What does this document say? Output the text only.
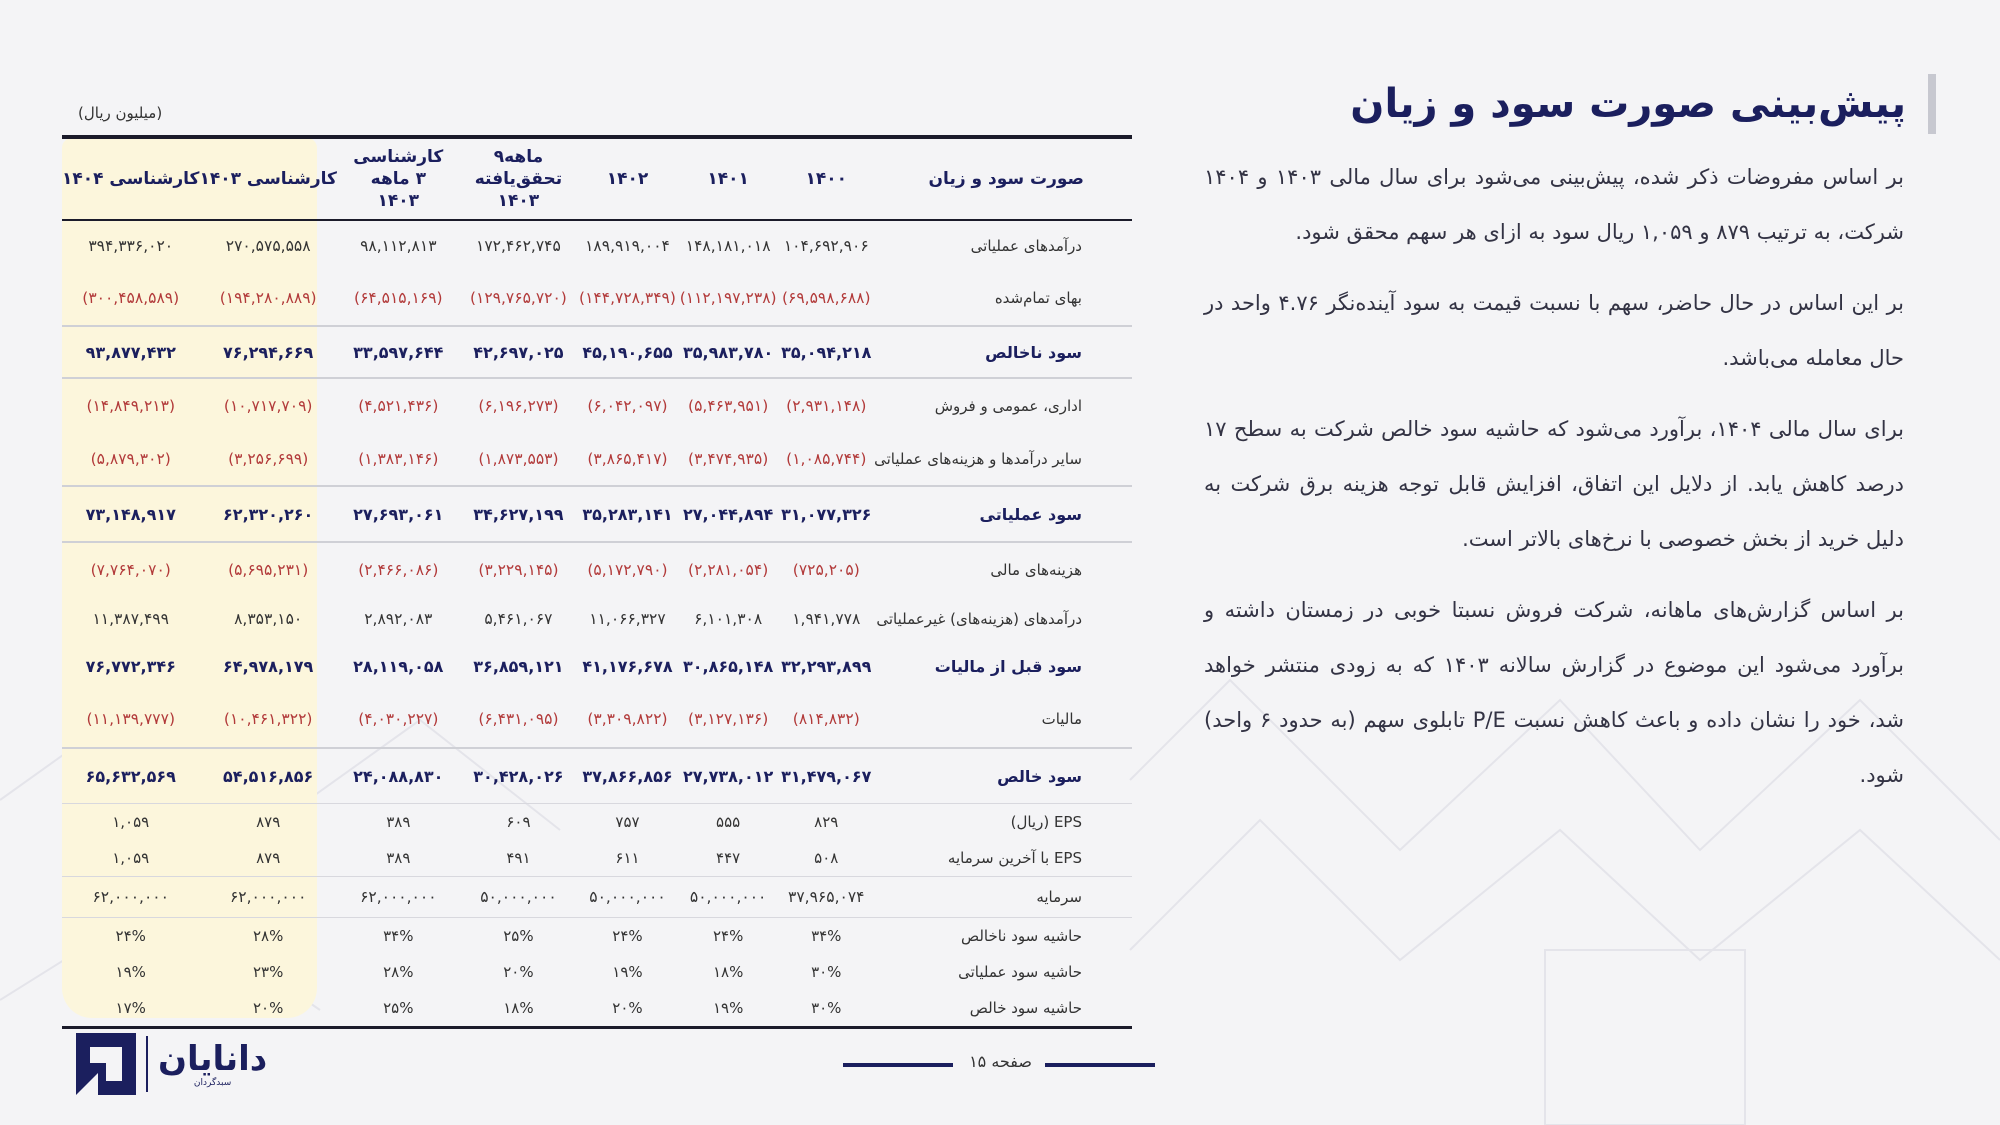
پیش‌بینی صورت سود و زیان

بر اساس مفروضات ذکر شده، پیش‌بینی می‌شود برای سال مالی ۱۴۰۳ و ۱۴۰۴ شرکت، به ترتیب ۸۷۹ و ۱,۰۵۹ ریال سود به ازای هر سهم محقق شود.

بر این اساس در حال حاضر، سهم با نسبت قیمت به سود آینده‌نگر ۴.۷۶ واحد در حال معامله می‌باشد.

برای سال مالی ۱۴۰۴، برآورد می‌شود که حاشیه سود خالص شرکت به سطح ۱۷ درصد کاهش یابد. از دلایل این اتفاق، افزایش قابل توجه هزینه برق شرکت به دلیل خرید از بخش خصوصی با نرخ‌های بالاتر است.

بر اساس گزارش‌های ماهانه، شرکت فروش نسبتا خوبی در زمستان داشته و برآورد می‌شود این موضوع در گزارش سالانه ۱۴۰۳ که به زودی منتشر خواهد شد، خود را نشان داده و باعث کاهش نسبت P/E تابلوی سهم (به حدود ۶ واحد) شود.

(میلیون ریال)
کارشناسی ۱۴۰۴	کارشناسی ۱۴۰۳	کارشناسی ۳ ماهه ۱۴۰۳	۹ماهه تحقق‌یافته ۱۴۰۳	۱۴۰۲	۱۴۰۱	۱۴۰۰	صورت سود و زیان
۳۹۴,۳۳۶,۰۲۰	۲۷۰,۵۷۵,۵۵۸	۹۸,۱۱۲,۸۱۳	۱۷۲,۴۶۲,۷۴۵	۱۸۹,۹۱۹,۰۰۴	۱۴۸,۱۸۱,۰۱۸	۱۰۴,۶۹۲,۹۰۶	درآمدهای عملیاتی
(۳۰۰,۴۵۸,۵۸۹)	(۱۹۴,۲۸۰,۸۸۹)	(۶۴,۵۱۵,۱۶۹)	(۱۲۹,۷۶۵,۷۲۰)	(۱۴۴,۷۲۸,۳۴۹)	(۱۱۲,۱۹۷,۲۳۸)	(۶۹,۵۹۸,۶۸۸)	بهای تمام‌شده
۹۳,۸۷۷,۴۳۲	۷۶,۲۹۴,۶۶۹	۳۳,۵۹۷,۶۴۴	۴۲,۶۹۷,۰۲۵	۴۵,۱۹۰,۶۵۵	۳۵,۹۸۳,۷۸۰	۳۵,۰۹۴,۲۱۸	سود ناخالص
(۱۴,۸۴۹,۲۱۳)	(۱۰,۷۱۷,۷۰۹)	(۴,۵۲۱,۴۳۶)	(۶,۱۹۶,۲۷۳)	(۶,۰۴۲,۰۹۷)	(۵,۴۶۳,۹۵۱)	(۲,۹۳۱,۱۴۸)	اداری، عمومی و فروش
(۵,۸۷۹,۳۰۲)	(۳,۲۵۶,۶۹۹)	(۱,۳۸۳,۱۴۶)	(۱,۸۷۳,۵۵۳)	(۳,۸۶۵,۴۱۷)	(۳,۴۷۴,۹۳۵)	(۱,۰۸۵,۷۴۴)	سایر درآمدها و هزینه‌های عملیاتی
۷۳,۱۴۸,۹۱۷	۶۲,۳۲۰,۲۶۰	۲۷,۶۹۳,۰۶۱	۳۴,۶۲۷,۱۹۹	۳۵,۲۸۳,۱۴۱	۲۷,۰۴۴,۸۹۴	۳۱,۰۷۷,۳۲۶	سود عملیاتی
(۷,۷۶۴,۰۷۰)	(۵,۶۹۵,۲۳۱)	(۲,۴۶۶,۰۸۶)	(۳,۲۲۹,۱۴۵)	(۵,۱۷۲,۷۹۰)	(۲,۲۸۱,۰۵۴)	(۷۲۵,۲۰۵)	هزینه‌های مالی
۱۱,۳۸۷,۴۹۹	۸,۳۵۳,۱۵۰	۲,۸۹۲,۰۸۳	۵,۴۶۱,۰۶۷	۱۱,۰۶۶,۳۲۷	۶,۱۰۱,۳۰۸	۱,۹۴۱,۷۷۸	درآمدهای (هزینه‌های) غیرعملیاتی
۷۶,۷۷۲,۳۴۶	۶۴,۹۷۸,۱۷۹	۲۸,۱۱۹,۰۵۸	۳۶,۸۵۹,۱۲۱	۴۱,۱۷۶,۶۷۸	۳۰,۸۶۵,۱۴۸	۳۲,۲۹۳,۸۹۹	سود قبل از مالیات
(۱۱,۱۳۹,۷۷۷)	(۱۰,۴۶۱,۳۲۲)	(۴,۰۳۰,۲۲۷)	(۶,۴۳۱,۰۹۵)	(۳,۳۰۹,۸۲۲)	(۳,۱۲۷,۱۳۶)	(۸۱۴,۸۳۲)	مالیات
۶۵,۶۳۲,۵۶۹	۵۴,۵۱۶,۸۵۶	۲۴,۰۸۸,۸۳۰	۳۰,۴۲۸,۰۲۶	۳۷,۸۶۶,۸۵۶	۲۷,۷۳۸,۰۱۲	۳۱,۴۷۹,۰۶۷	سود خالص
۱,۰۵۹	۸۷۹	۳۸۹	۶۰۹	۷۵۷	۵۵۵	۸۲۹	EPS (ریال)
۱,۰۵۹	۸۷۹	۳۸۹	۴۹۱	۶۱۱	۴۴۷	۵۰۸	EPS با آخرین سرمایه
۶۲,۰۰۰,۰۰۰	۶۲,۰۰۰,۰۰۰	۶۲,۰۰۰,۰۰۰	۵۰,۰۰۰,۰۰۰	۵۰,۰۰۰,۰۰۰	۵۰,۰۰۰,۰۰۰	۳۷,۹۶۵,۰۷۴	سرمایه
۲۴%	۲۸%	۳۴%	۲۵%	۲۴%	۲۴%	۳۴%	حاشیه سود ناخالص
۱۹%	۲۳%	۲۸%	۲۰%	۱۹%	۱۸%	۳۰%	حاشیه سود عملیاتی
۱۷%	۲۰%	۲۵%	۱۸%	۲۰%	۱۹%	۳۰%	حاشیه سود خالص
صفحه ۱۵
دانایان
سبدگردان
